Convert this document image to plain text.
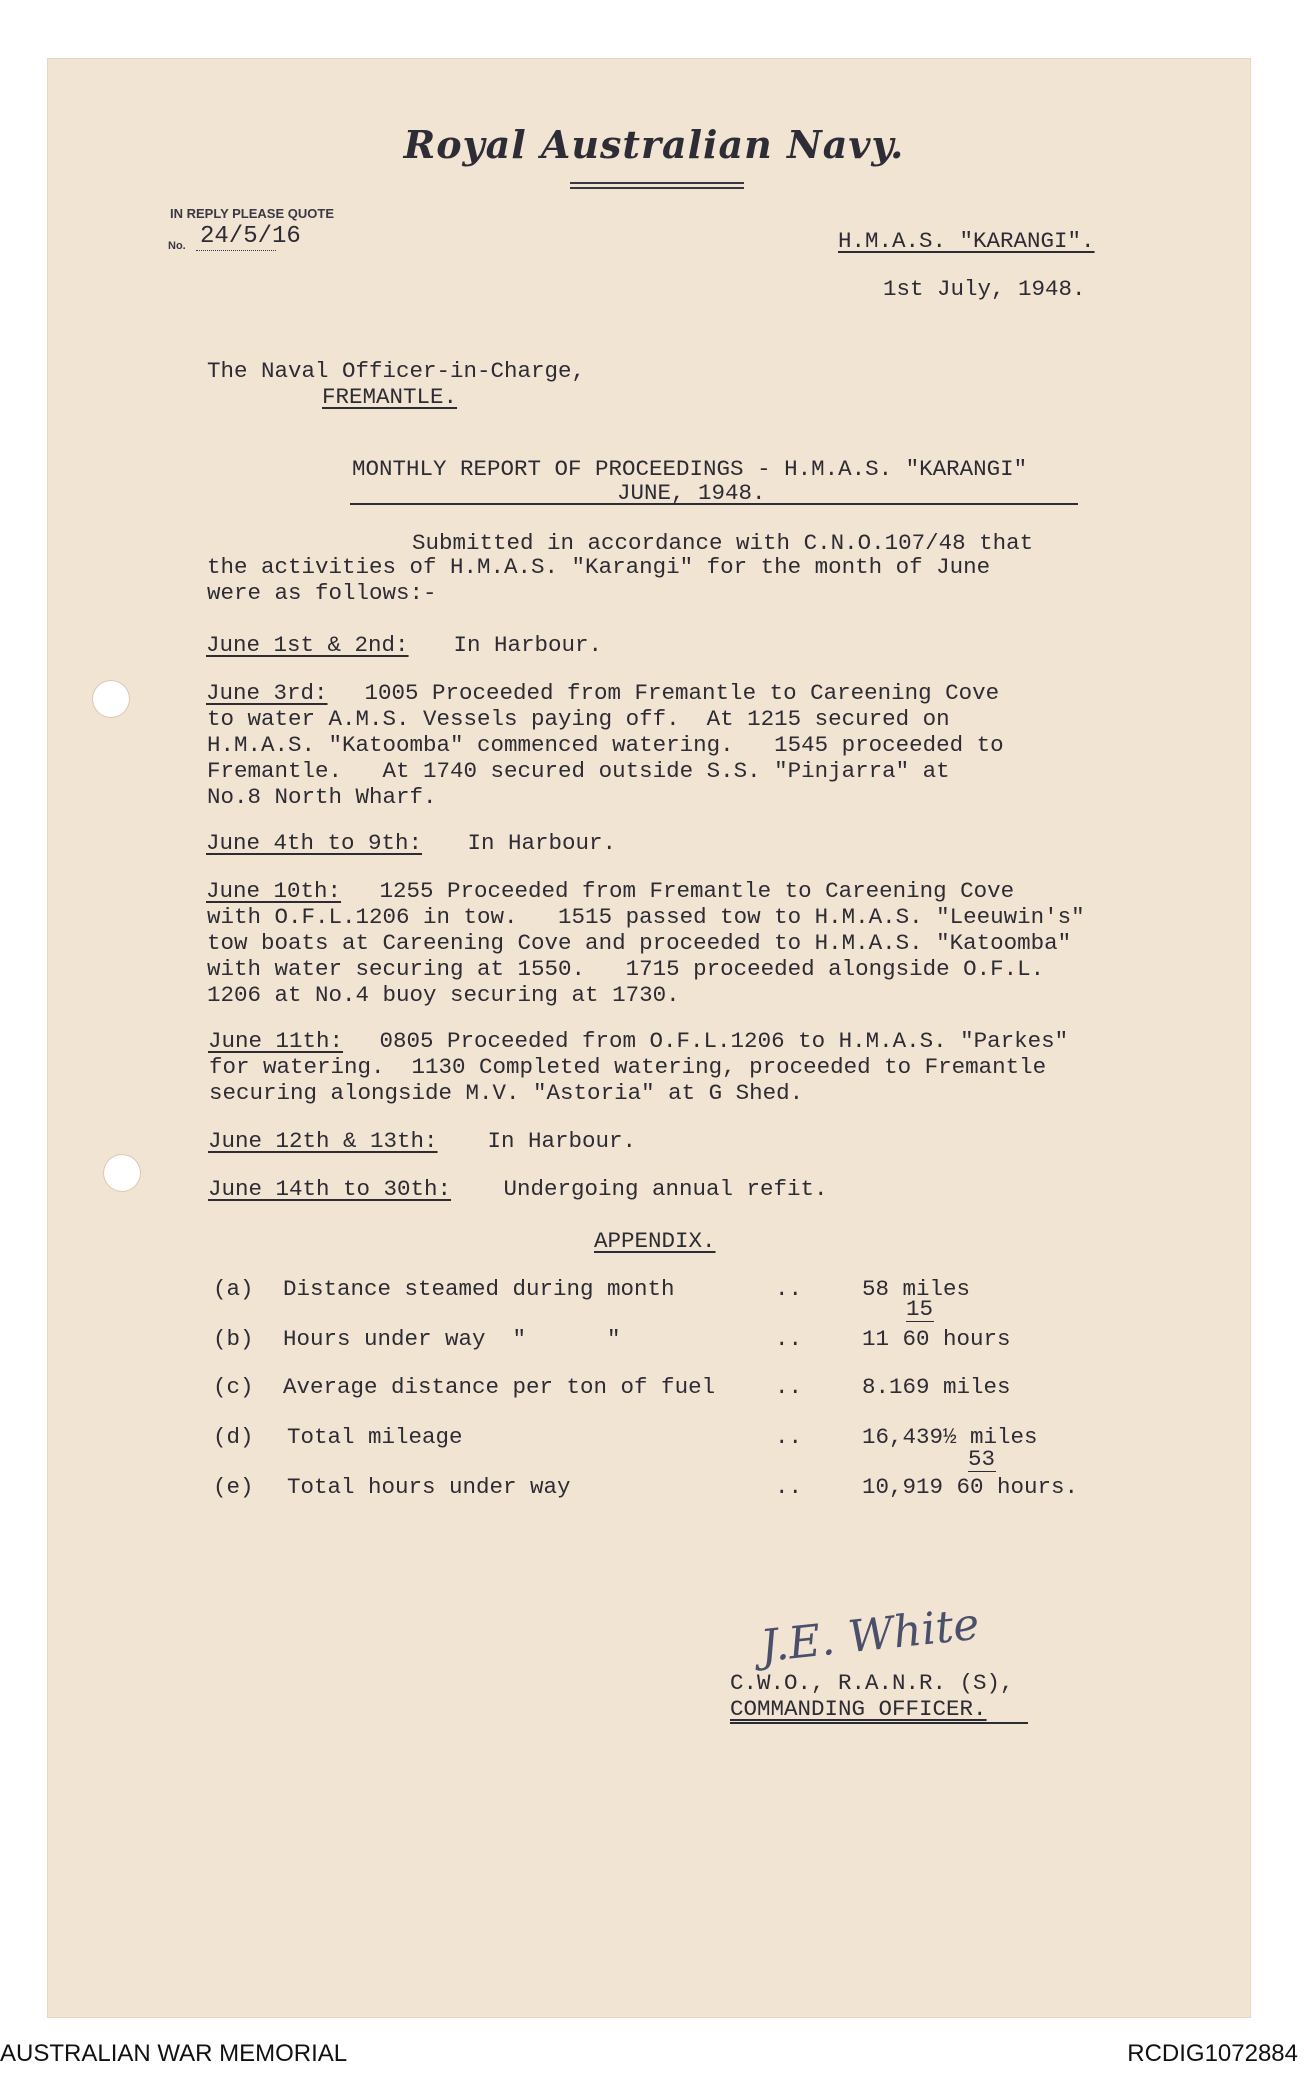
Royal Australian Navy.
IN REPLY PLEASE QUOTE
No. 24/5/16	H.M.A.S. "KARANGI".
1st July, 1948.
The Naval Officer-in-Charge,
FREMANTLE.
MONTHLY REPORT OF PROCEEDINGS - H.M.A.S. "KARANGI"
JUNE, 1948.
Submitted in accordance with C.N.O.107/48 that
the activities of H.M.A.S. "Karangi" for the month of June
were as follows:-
June 1st & 2nd: In Harbour.
June 3rd: 1005 Proceeded from Fremantle to Careening Cove
to water A.M.S. Vessels paying off.  At 1215 secured on
H.M.A.S. "Katoomba" commenced watering.   1545 proceeded to
Fremantle.   At 1740 secured outside S.S. "Pinjarra" at
No.8 North Wharf.
June 4th to 9th: In Harbour.
June 10th: 1255 Proceeded from Fremantle to Careening Cove
with O.F.L.1206 in tow.   1515 passed tow to H.M.A.S. "Leeuwin's"
tow boats at Careening Cove and proceeded to H.M.A.S. "Katoomba"
with water securing at 1550.   1715 proceeded alongside O.F.L.
1206 at No.4 buoy securing at 1730.
June 11th: 0805 Proceeded from O.F.L.1206 to H.M.A.S. "Parkes"
for watering.  1130 Completed watering, proceeded to Fremantle
securing alongside M.V. "Astoria" at G Shed.
June 12th & 13th: In Harbour.
June 14th to 30th: Undergoing annual refit.
APPENDIX.
(a) Distance steamed during month	..	58 miles
15
(b) Hours under way  "      "	..	11 60 hours
(c) Average distance per ton of fuel	..	8.169 miles
(d) Total mileage	..	16,439½ miles
53
(e) Total hours under way	..	10,919 60 hours.
J.E. White
C.W.O., R.A.N.R. (S),
COMMANDING OFFICER.
AUSTRALIAN WAR MEMORIAL	RCDIG1072884
